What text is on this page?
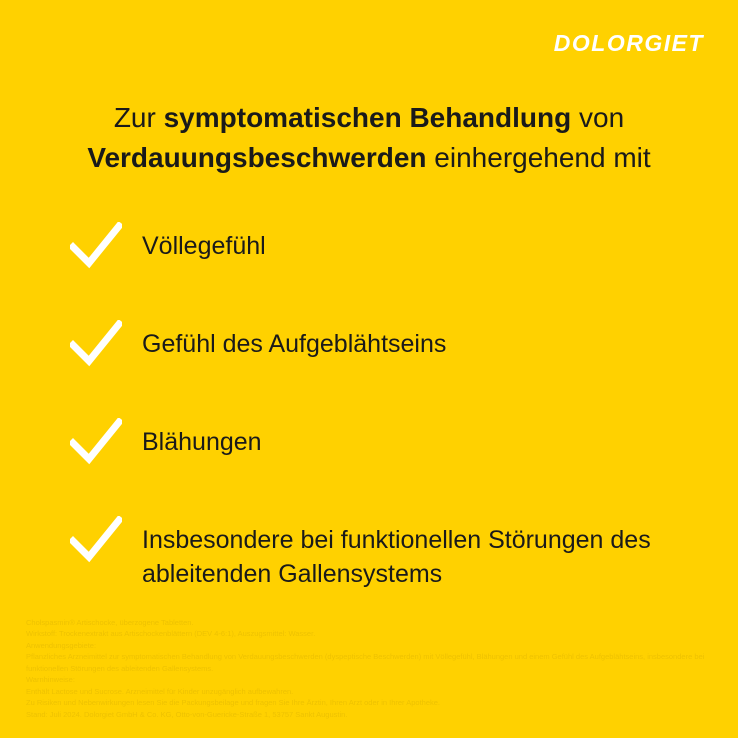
DOLORGIET
Zur symptomatischen Behandlung von
Verdauungsbeschwerden einhergehend mit
Völlegefühl
Gefühl des Aufgeblähtseins
Blähungen
Insbesondere bei funktionellen Störungen des ableitenden Gallensystems

Cholspasmin® Artischocke, überzogene Tabletten.

Wirkstoff: Trockenextrakt aus Artischockenblättern (DEV 4-6:1), Auszugsmittel: Wasser.

Anwendungsgebiete:

Pflanzliches Arzneimittel zur symptomatischen Behandlung von Verdauungsbeschwerden (dyspeptische Beschwerden) mit Völlegefühl, Blähungen und einem Gefühl des Aufgeblähtseins, insbesondere bei funktionellen Störungen des ableitenden Gallensystems.

Warnhinweise:

Enthält Lactose und Sucrose. Arzneimittel für Kinder unzugänglich aufbewahren.

Zu Risiken und Nebenwirkungen lesen Sie die Packungsbeilage und fragen Sie Ihre Ärztin, Ihren Arzt oder in Ihrer Apotheke.

Stand: Juli 2024. Dolorgiet GmbH & Co. KG, Otto-von-Guericke-Straße 1, 53757 Sankt Augustin.
